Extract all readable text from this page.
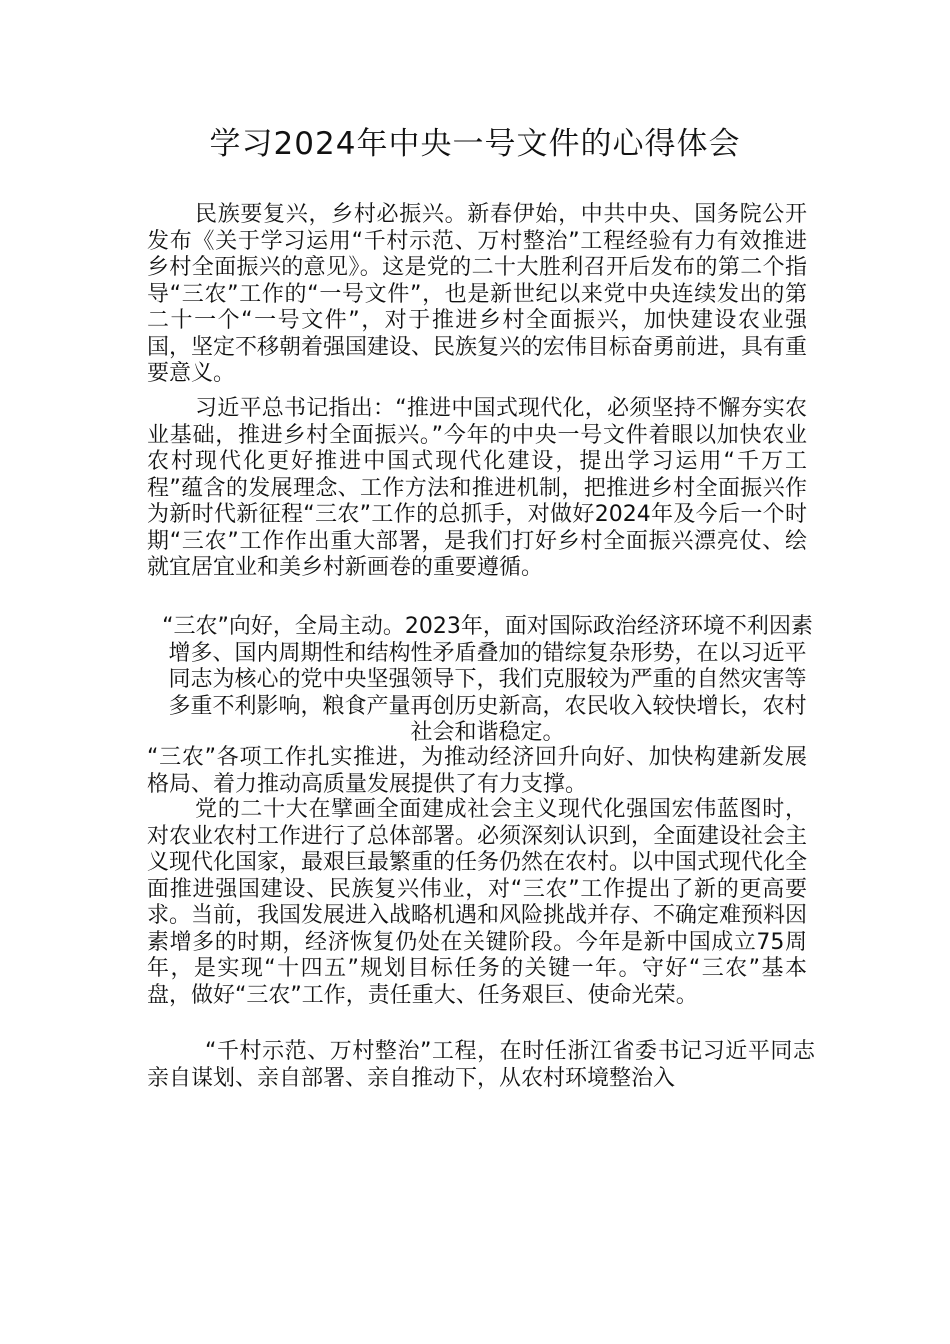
学习2024年中央一号文件的心得体会

民族要复兴，乡村必振兴。新春伊始，中共中央、国务院公开发布《关于学习运用“千村示范、万村整治”工程经验有力有效推进乡村全面振兴的意见》。这是党的二十大胜利召开后发布的第二个指导“三农”工作的“一号文件”，也是新世纪以来党中央连续发出的第二十一个“一号文件”，对于推进乡村全面振兴，加快建设农业强国，坚定不移朝着强国建设、民族复兴的宏伟目标奋勇前进，具有重要意义。

习近平总书记指出：“推进中国式现代化，必须坚持不懈夯实农业基础，推进乡村全面振兴。”今年的中央一号文件着眼以加快农业农村现代化更好推进中国式现代化建设，提出学习运用“千万工程”蕴含的发展理念、工作方法和推进机制，把推进乡村全面振兴作为新时代新征程“三农”工作的总抓手，对做好2024年及今后一个时期“三农”工作作出重大部署，是我们打好乡村全面振兴漂亮仗、绘就宜居宜业和美乡村新画卷的重要遵循。

“三农”向好，全局主动。2023年，面对国际政治经济环境不利因素增多、国内周期性和结构性矛盾叠加的错综复杂形势，在以习近平同志为核心的党中央坚强领导下，我们克服较为严重的自然灾害等多重不利影响，粮食产量再创历史新高，农民收入较快增长，农村社会和谐稳定。

“三农”各项工作扎实推进，为推动经济回升向好、加快构建新发展格局、着力推动高质量发展提供了有力支撑。

党的二十大在擘画全面建成社会主义现代化强国宏伟蓝图时，对农业农村工作进行了总体部署。必须深刻认识到，全面建设社会主义现代化国家，最艰巨最繁重的任务仍然在农村。以中国式现代化全面推进强国建设、民族复兴伟业，对“三农”工作提出了新的更高要求。当前，我国发展进入战略机遇和风险挑战并存、不确定难预料因素增多的时期，经济恢复仍处在关键阶段。今年是新中国成立75周年，是实现“十四五”规划目标任务的关键一年。守好“三农”基本盘，做好“三农”工作，责任重大、任务艰巨、使命光荣。

“千村示范、万村整治”工程，在时任浙江省委书记习近平同志亲自谋划、亲自部署、亲自推动下，从农村环境整治入
